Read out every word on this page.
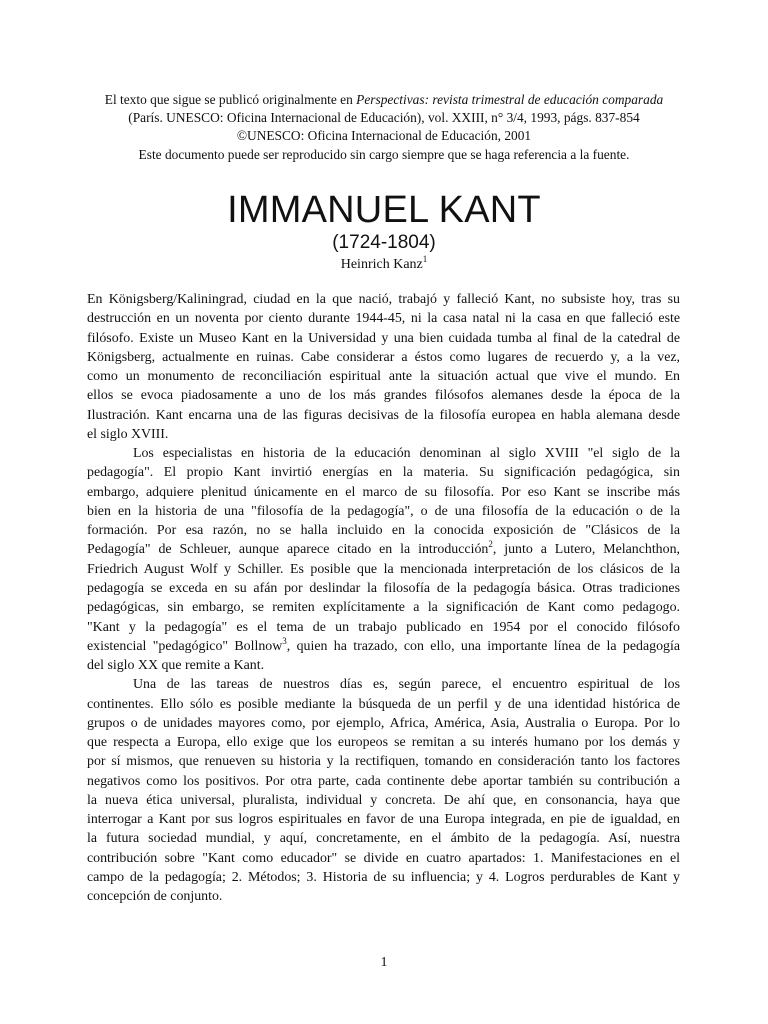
El texto que sigue se publicó originalmente en Perspectivas: revista trimestral de educación comparada
(París. UNESCO: Oficina Internacional de Educación), vol. XXIII, n° 3/4, 1993, págs. 837-854
©UNESCO: Oficina Internacional de Educación, 2001
Este documento puede ser reproducido sin cargo siempre que se haga referencia a la fuente.
IMMANUEL KANT
(1724-1804)
Heinrich Kanz$^1$
En Königsberg/Kaliningrad, ciudad en la que nació, trabajó y falleció Kant, no subsiste hoy, tras su
destrucción en un noventa por ciento durante 1944-45, ni la casa natal ni la casa en que falleció este
filósofo. Existe un Museo Kant en la Universidad y una bien cuidada tumba al final de la catedral de
Königsberg, actualmente en ruinas. Cabe considerar a éstos como lugares de recuerdo y, a la vez,
como un monumento de reconciliación espiritual ante la situación actual que vive el mundo. En
ellos se evoca piadosamente a uno de los más grandes filósofos alemanes desde la época de la
Ilustración. Kant encarna una de las figuras decisivas de la filosofía europea en habla alemana desde
el siglo XVIII.
Los especialistas en historia de la educación denominan al siglo XVIII "el siglo de la
pedagogía". El propio Kant invirtió energías en la materia. Su significación pedagógica, sin
embargo, adquiere plenitud únicamente en el marco de su filosofía. Por eso Kant se inscribe más
bien en la historia de una "filosofía de la pedagogía", o de una filosofía de la educación o de la
formación. Por esa razón, no se halla incluido en la conocida exposición de "Clásicos de la
Pedagogía" de Schleuer, aunque aparece citado en la introducción$^2$, junto a Lutero, Melanchthon,
Friedrich August Wolf y Schiller. Es posible que la mencionada interpretación de los clásicos de la
pedagogía se exceda en su afán por deslindar la filosofía de la pedagogía básica. Otras tradiciones
pedagógicas, sin embargo, se remiten explícitamente a la significación de Kant como pedagogo.
"Kant y la pedagogía" es el tema de un trabajo publicado en 1954 por el conocido filósofo
existencial "pedagógico" Bollnow$^3$, quien ha trazado, con ello, una importante línea de la pedagogía
del siglo XX que remite a Kant.
Una de las tareas de nuestros días es, según parece, el encuentro espiritual de los
continentes. Ello sólo es posible mediante la búsqueda de un perfil y de una identidad histórica de
grupos o de unidades mayores como, por ejemplo, Africa, América, Asia, Australia o Europa. Por lo
que respecta a Europa, ello exige que los europeos se remitan a su interés humano por los demás y
por sí mismos, que renueven su historia y la rectifiquen, tomando en consideración tanto los factores
negativos como los positivos. Por otra parte, cada continente debe aportar también su contribución a
la nueva ética universal, pluralista, individual y concreta. De ahí que, en consonancia, haya que
interrogar a Kant por sus logros espirituales en favor de una Europa integrada, en pie de igualdad, en
la futura sociedad mundial, y aquí, concretamente, en el ámbito de la pedagogía. Así, nuestra
contribución sobre "Kant como educador" se divide en cuatro apartados: 1. Manifestaciones en el
campo de la pedagogía; 2. Métodos; 3. Historia de su influencia; y 4. Logros perdurables de Kant y
concepción de conjunto.
1
